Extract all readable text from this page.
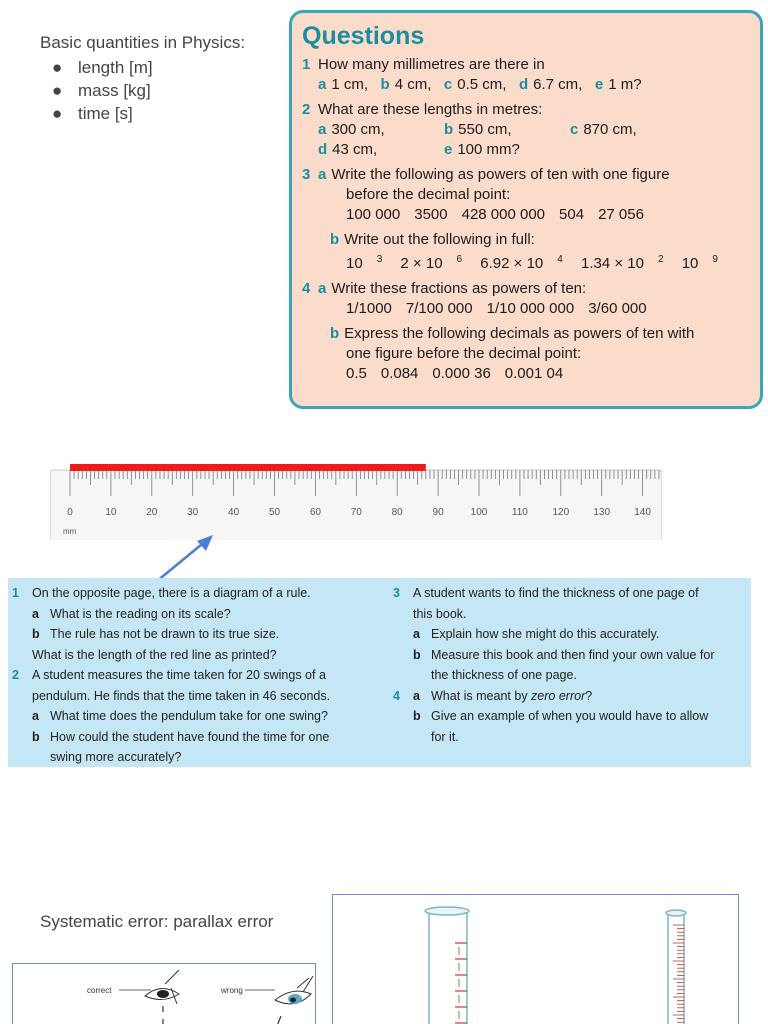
Basic quantities in Physics:
● length [m]
● mass [kg]
● time [s]
Questions
1 How many millimetres are there in
a 1 cm, b 4 cm, c 0.5 cm, d 6.7 cm, e 1 m?
2 What are these lengths in metres:
a 300 cm,	b 550 cm,	c 870 cm,
d 43 cm,	e 100 mm?
3 a Write the following as powers of ten with one figure
before the decimal point:
100 000 3500 428 000 000 504 27 056
b Write out the following in full:
10 $^3$ 2 × 10 $^6$ 6.92 × 10 $^4$ 1.34 × 10 $^2$ 10 $^9$
4 a Write these fractions as powers of ten:
1/1000 7/100 000 1/10 000 000 3/60 000
b Express the following decimals as powers of ten with
one figure before the decimal point:
0.5 0.084 0.000 36 0.001 04
0	10	20	30	40	50	60	70	80	90	100 110 120 130 140
mm
1 On the opposite page, there is a diagram of a rule.
a What is the reading on its scale?
b The rule has not be drawn to its true size.
What is the length of the red line as printed?
2 A student measures the time taken for 20 swings of a
pendulum. He finds that the time taken in 46 seconds.
a What time does the pendulum take for one swing?
b How could the student have found the time for one
swing more accurately?
3 A student wants to find the thickness of one page of
this book.
a Explain how she might do this accurately.
b Measure this book and then find your own value for
the thickness of one page.
4 a What is meant by zero error?
b Give an example of when you would have to allow
for it.
Systematic error: parallax error
correct	wrong
